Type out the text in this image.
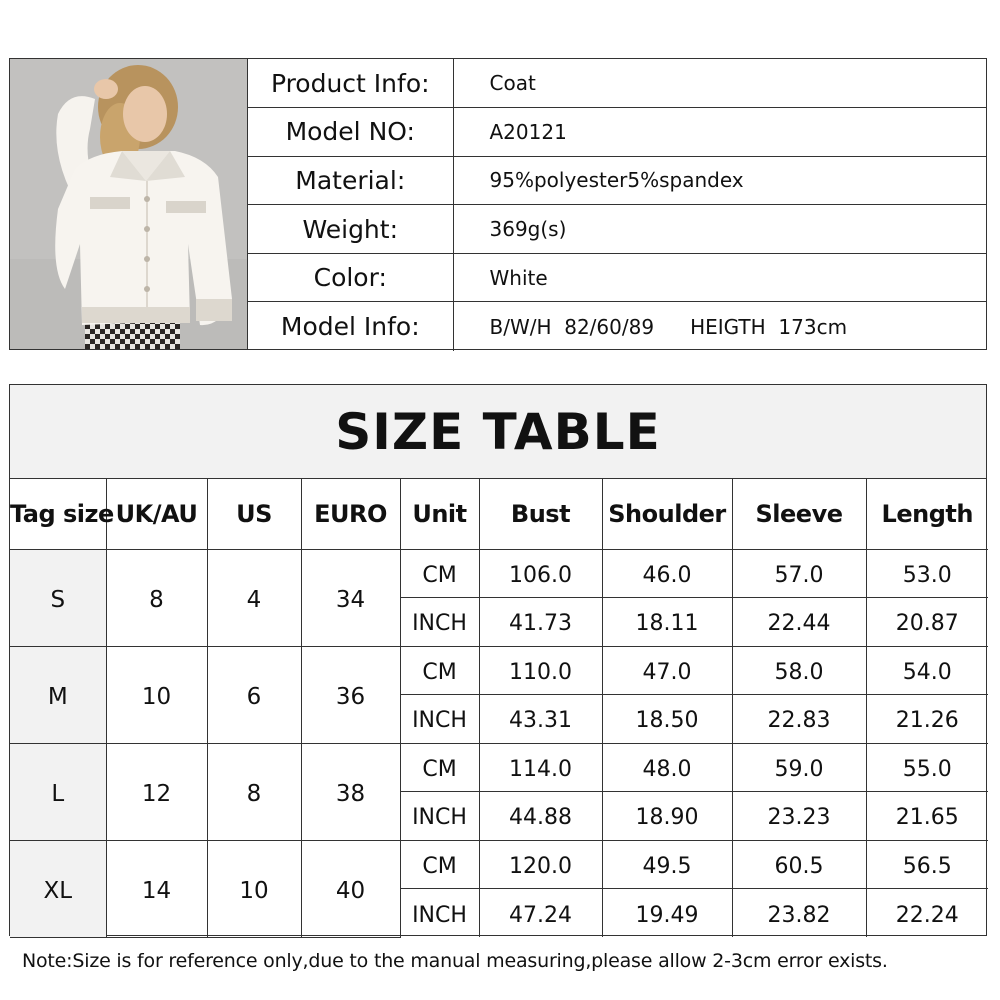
Product Info:	Coat
Model NO:	A20121
Material:	95%polyester5%spandex
Weight:	369g(s)
Color:	White
Model Info:	B/W/H 82/60/89 HEIGTH 173cm
SIZE TABLE
Tag size	UK/AU	US	EURO	Unit	Bust	Shoulder	Sleeve	Length
S	8	4	34	CM	106.0	46.0	57.0	53.0
				INCH	41.73	18.11	22.44	20.87
M	10	6	36	CM	110.0	47.0	58.0	54.0
				INCH	43.31	18.50	22.83	21.26
L	12	8	38	CM	114.0	48.0	59.0	55.0
				INCH	44.88	18.90	23.23	21.65
XL	14	10	40	CM	120.0	49.5	60.5	56.5
				INCH	47.24	19.49	23.82	22.24
Note:Size is for reference only,due to the manual measuring,please allow 2-3cm error exists.
